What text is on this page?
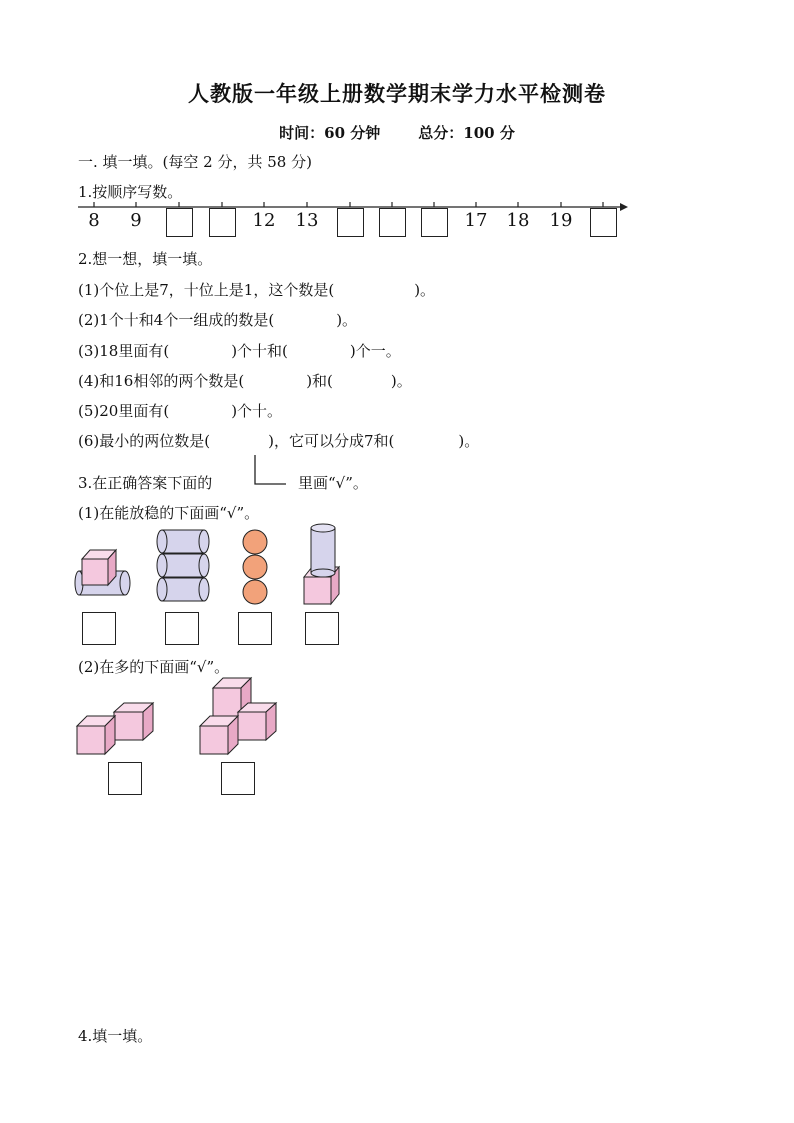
人教版一年级上册数学期末学力水平检测卷
时间：60 分钟	总分：100 分
一. 填一填。(每空 2 分，共 58 分)
1.按顺序写数。
8	9	12 13	17 18 19
2.想一想，填一填。
(1)个位上是7，十位上是1，这个数是(	)。
(2)1个十和4个一组成的数是(	)。
(3)18里面有(	)个十和(	)个一。
(4)和16相邻的两个数是(	)和(	)。
(5)20里面有(	)个十。
(6)最小的两位数是(	)，它可以分成7和(	)。
3.在正确答案下面的	里画“√”。
(1)在能放稳的下面画“√”。
(2)在多的下面画“√”。
4.填一填。
